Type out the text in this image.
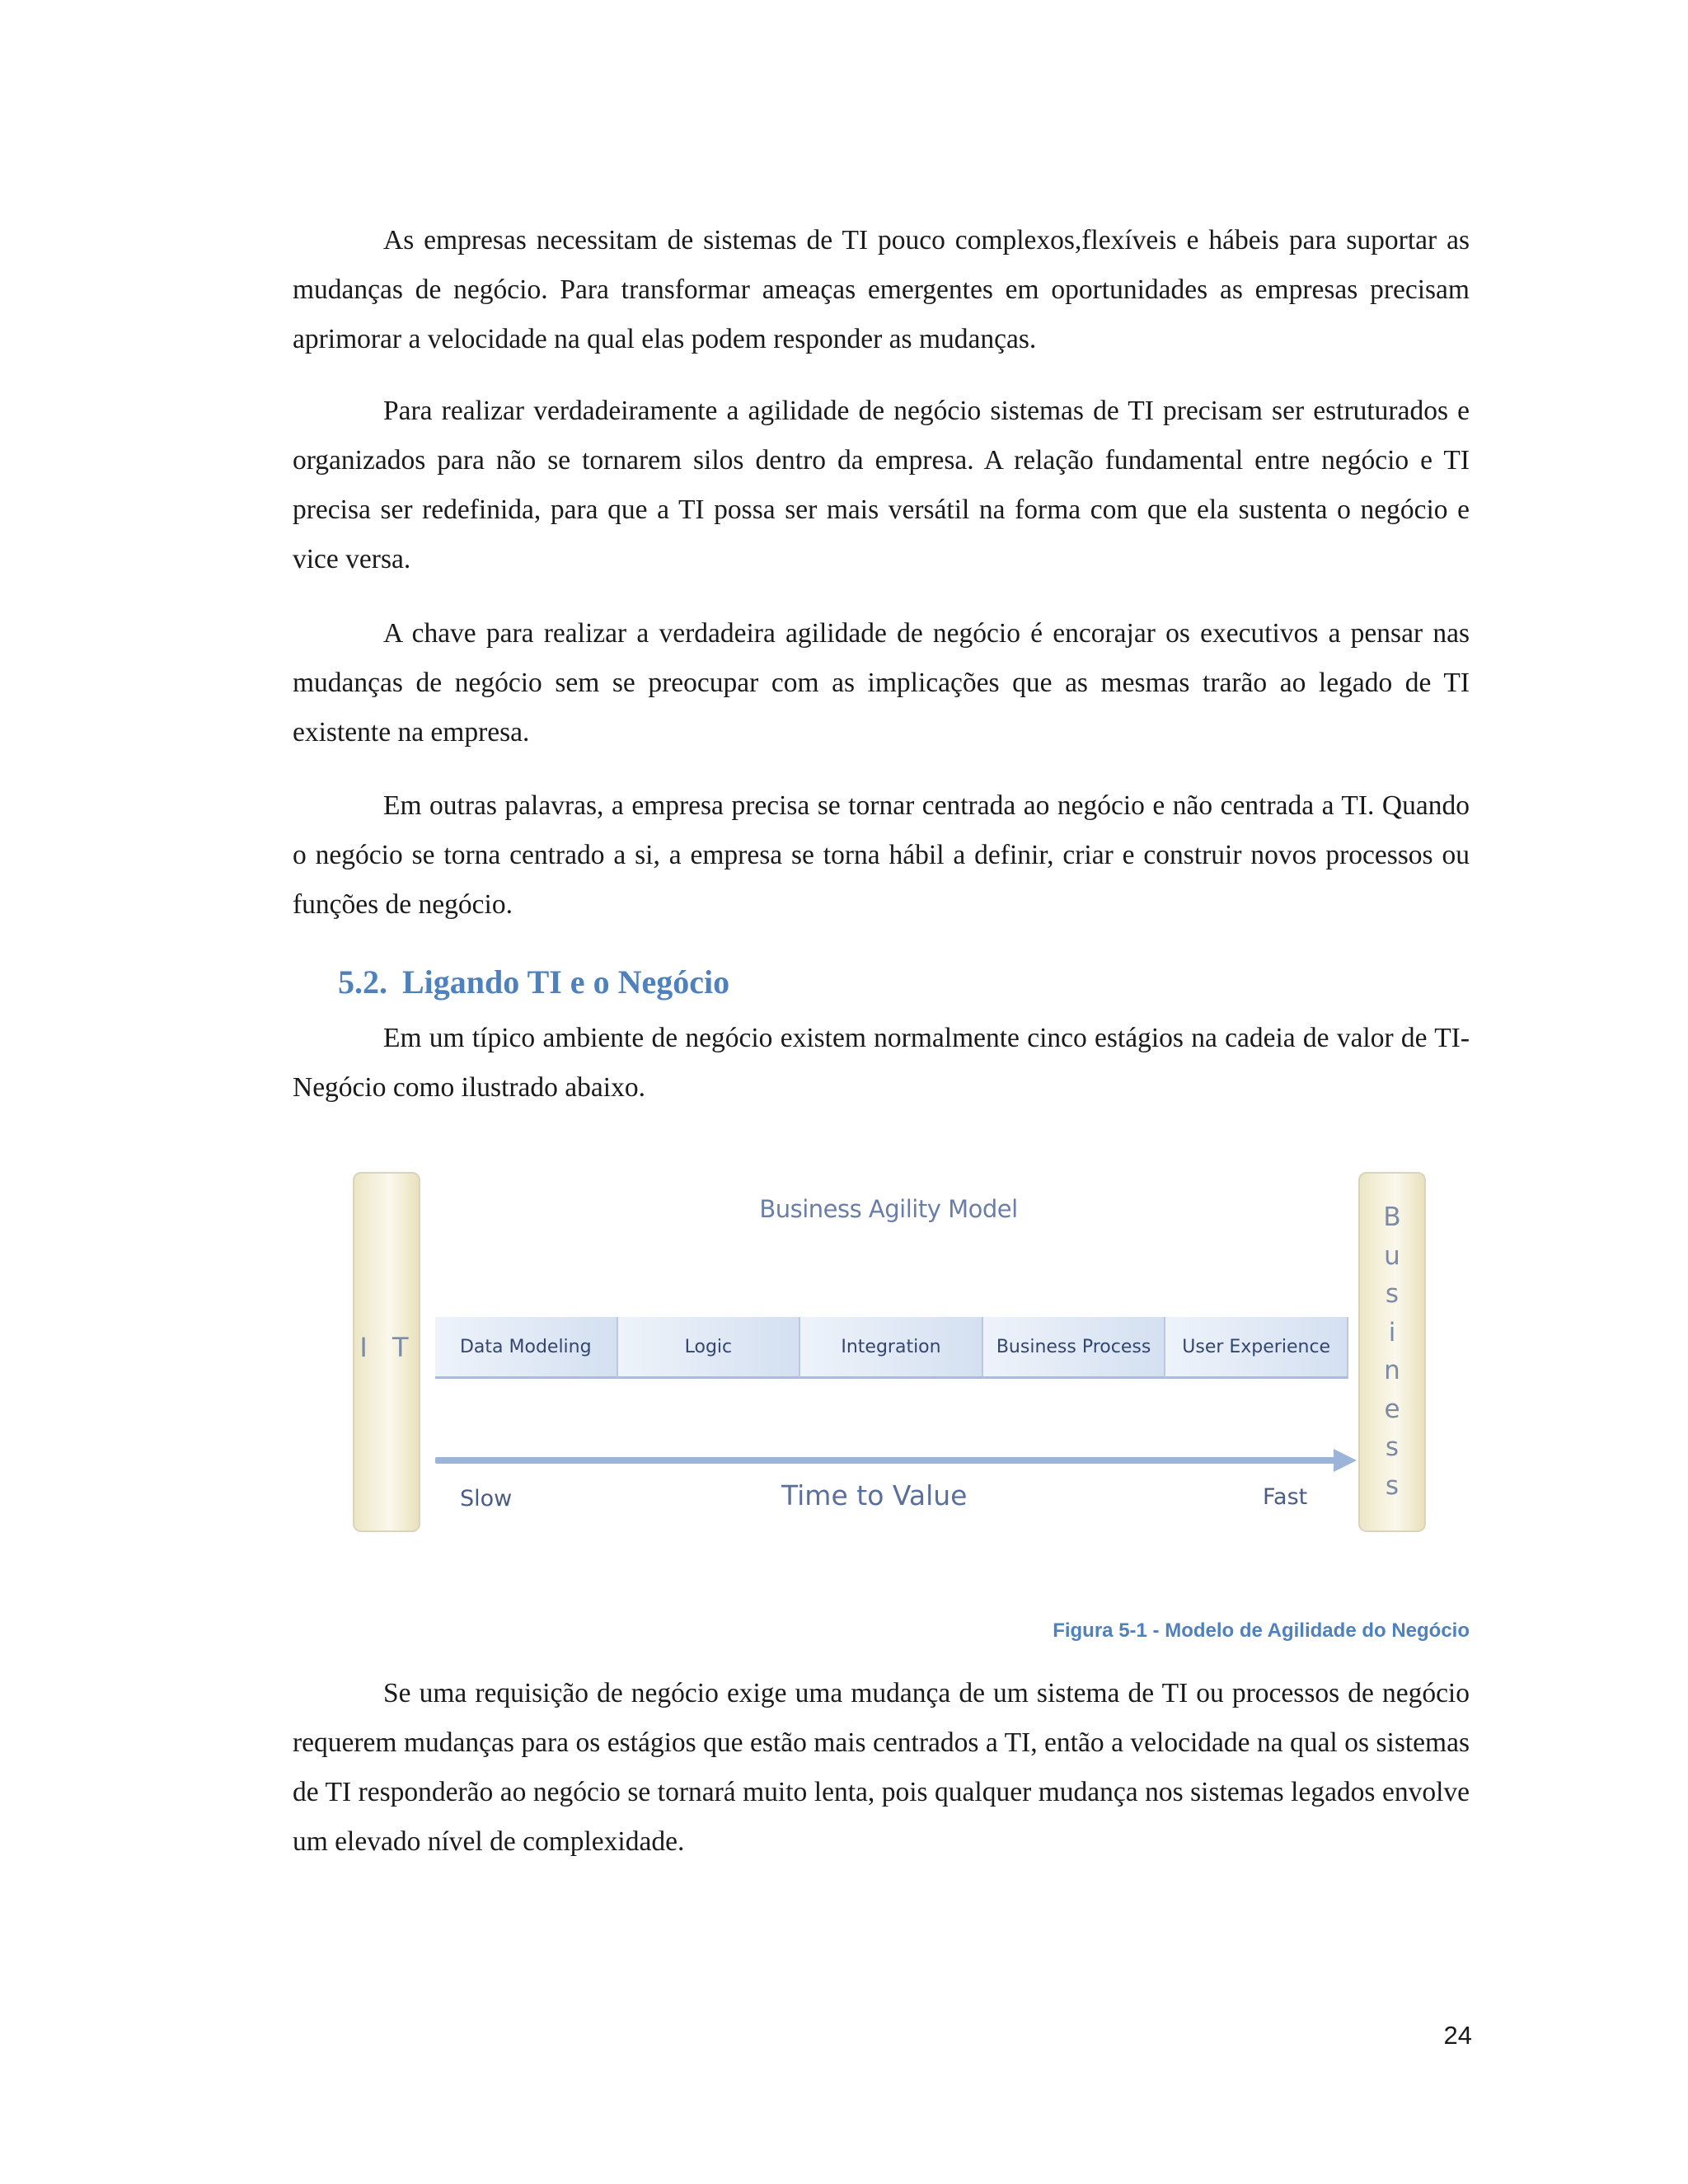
As empresas necessitam de sistemas de TI pouco complexos,flexíveis e hábeis para suportar as mudanças de negócio. Para transformar ameaças emergentes em oportunidades as empresas precisam aprimorar a velocidade na qual elas podem responder as mudanças.

Para realizar verdadeiramente a agilidade de negócio sistemas de TI precisam ser estruturados e organizados para não se tornarem silos dentro da empresa. A relação fundamental entre negócio e TI precisa ser redefinida, para que a TI possa ser mais versátil na forma com que ela sustenta o negócio e vice versa.

A chave para realizar a verdadeira agilidade de negócio é encorajar os executivos a pensar nas mudanças de negócio sem se preocupar com as implicações que as mesmas trarão ao legado de TI existente na empresa.

Em outras palavras, a empresa precisa se tornar centrada ao negócio e não centrada a TI. Quando o negócio se torna centrado a si, a empresa se torna hábil a definir, criar e construir novos processos ou funções de negócio.

5.2. Ligando TI e o Negócio

Em um típico ambiente de negócio existem normalmente cinco estágios na cadeia de valor de TI-Negócio como ilustrado abaixo.

I T
Business Agility Model
Data Modeling	Logic	Integration	Business Process	User Experience
Slow	Time to Value	Fast
B
u
s
i
n
e
s
s

Figura 5-1 - Modelo de Agilidade do Negócio

Se uma requisição de negócio exige uma mudança de um sistema de TI ou processos de negócio requerem mudanças para os estágios que estão mais centrados a TI, então a velocidade na qual os sistemas de TI responderão ao negócio se tornará muito lenta, pois qualquer mudança nos sistemas legados envolve um elevado nível de complexidade.

24
